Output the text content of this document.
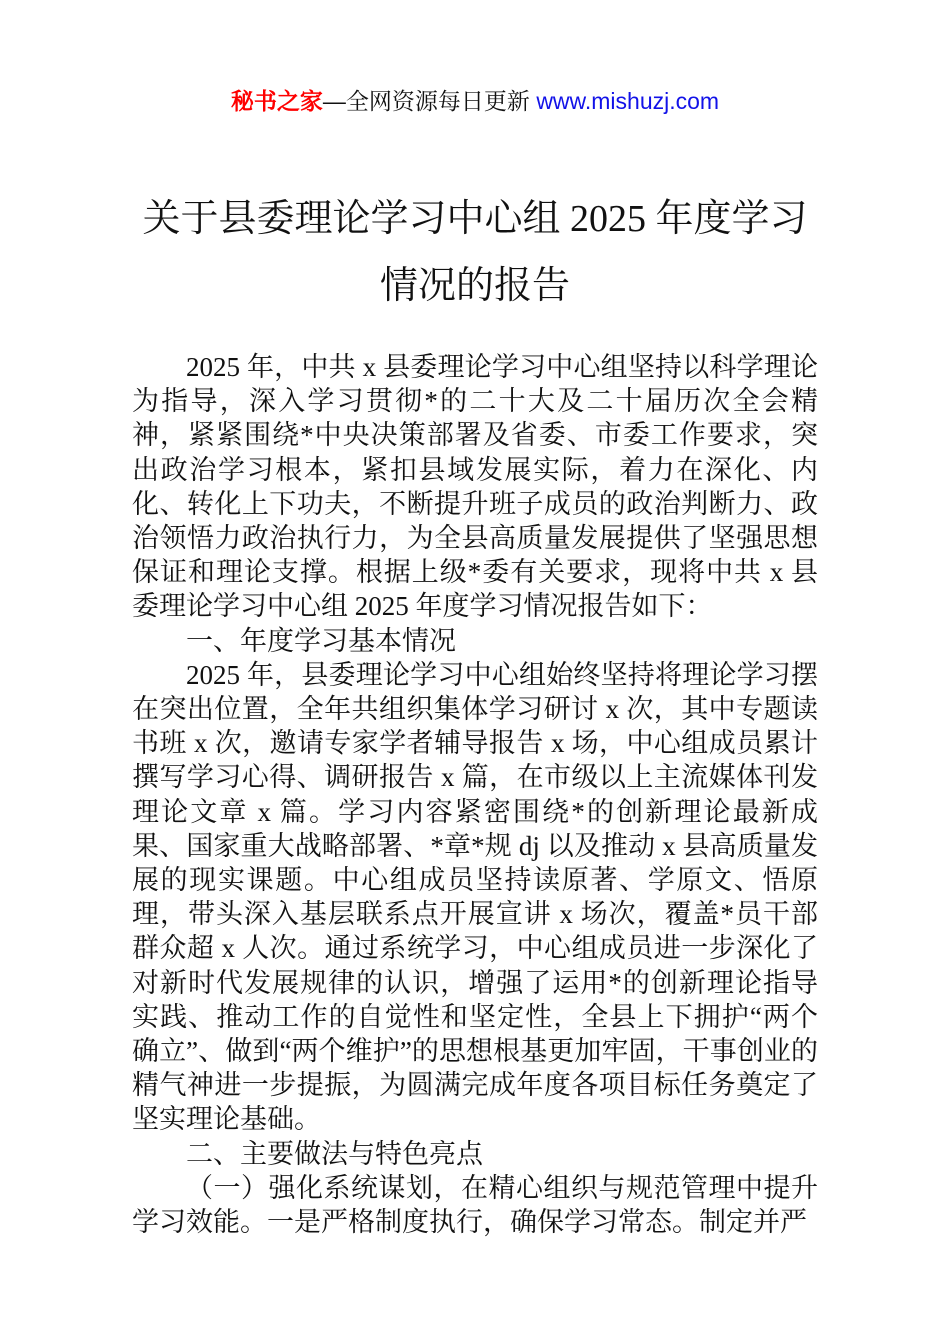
秘书之家—全网资源每日更新 www.mishuzj.com
关于县委理论学习中心组 2025 年度学习
情况的报告

2025 年，中共 x 县委理论学习中心组坚持以科学理论为指导，深入学习贯彻*的二十大及二十届历次全会精神，紧紧围绕*中央决策部署及省委、市委工作要求，突出政治学习根本，紧扣县域发展实际，着力在深化、内化、转化上下功夫，不断提升班子成员的政治判断力、政治领悟力政治执行力，为全县高质量发展提供了坚强思想保证和理论支撑。根据上级*委有关要求，现将中共 x 县委理论学习中心组 2025 年度学习情况报告如下：

一、年度学习基本情况

2025 年，县委理论学习中心组始终坚持将理论学习摆在突出位置，全年共组织集体学习研讨 x 次，其中专题读书班 x 次，邀请专家学者辅导报告 x 场，中心组成员累计撰写学习心得、调研报告 x 篇，在市级以上主流媒体刊发理论文章 x 篇。学习内容紧密围绕*的创新理论最新成果、国家重大战略部署、*章*规 dj 以及推动 x 县高质量发展的现实课题。中心组成员坚持读原著、学原文、悟原理，带头深入基层联系点开展宣讲 x 场次，覆盖*员干部群众超 x 人次。通过系统学习，中心组成员进一步深化了对新时代发展规律的认识，增强了运用*的创新理论指导实践、推动工作的自觉性和坚定性，全县上下拥护“两个确立”、做到“两个维护”的思想根基更加牢固，干事创业的精气神进一步提振，为圆满完成年度各项目标任务奠定了坚实理论基础。

二、主要做法与特色亮点

（一）强化系统谋划，在精心组织与规范管理中提升学习效能。一是严格制度执行，确保学习常态。制定并严
